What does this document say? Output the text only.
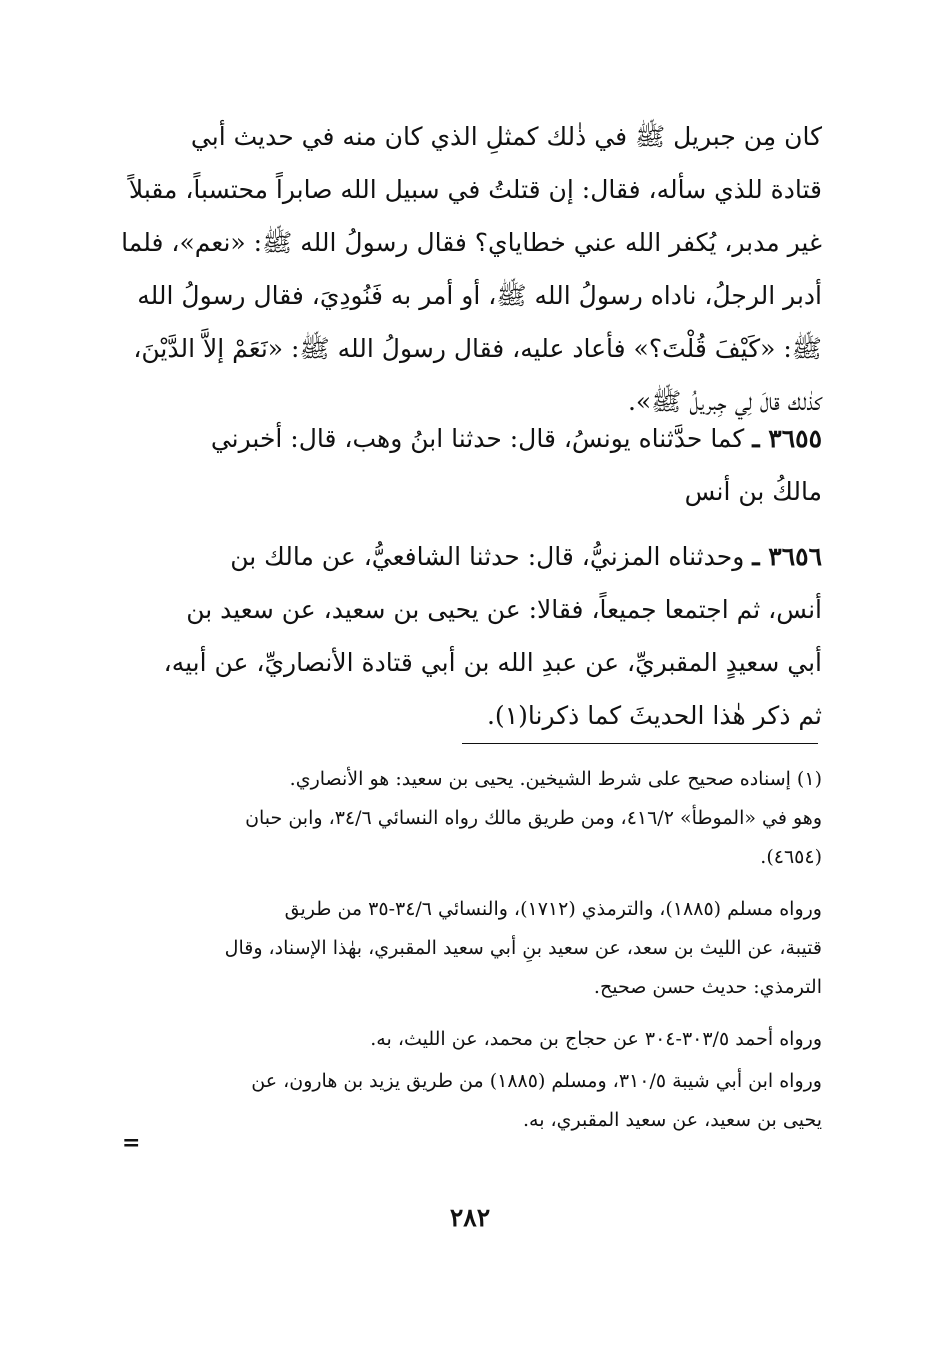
كان مِن جبريل ﷺ في ذٰلك كمثلِ الذي كان منه في حديث أبي
قتادة للذي سأله، فقال: إن قتلتُ في سبيل الله صابراً محتسباً، مقبلاً
غير مدبر، يُكفر الله عني خطاياي؟ فقال رسولُ الله ﷺ: «نعم»، فلما
أدبر الرجلُ، ناداه رسولُ الله ﷺ، أو أمر به فَنُودِيَ، فقال رسولُ الله
ﷺ: «كَيْفَ قُلْتَ؟» فأعاد عليه، فقال رسولُ الله ﷺ: «نَعَمْ إلاَّ الدَّيْنَ،
كذٰلك قالَ لِي جِبريلُ ﷺ».
٣٦٥٥ ـ كما حدَّثناه يونسُ، قال: حدثنا ابنُ وهب، قال: أخبرني
مالكُ بن أنس
٣٦٥٦ ـ وحدثناه المزنيُّ، قال: حدثنا الشافعيُّ، عن مالك بن
أنس، ثم اجتمعا جميعاً، فقالا: عن يحيى بن سعيد، عن سعيد بن
أبي سعيدٍ المقبريِّ، عن عبدِ الله بن أبي قتادة الأنصاريِّ، عن أبيه،
ثم ذكر هٰذا الحديثَ كما ذكرنا(١).
(١) إسناده صحيح على شرط الشيخين. يحيى بن سعيد: هو الأنصاري.
وهو في «الموطأ» ٤١٦/٢، ومن طريق مالك رواه النسائي ٣٤/٦، وابن حبان
(٤٦٥٤).
ورواه مسلم (١٨٨٥)، والترمذي (١٧١٢)، والنسائي ٣٤/٦-٣٥ من طريق
قتيبة، عن الليث بن سعد، عن سعيد بنِ أبي سعيد المقبري، بهٰذا الإسناد، وقال
الترمذي: حديث حسن صحيح.
ورواه أحمد ٣٠٣/٥-٣٠٤ عن حجاج بن محمد، عن الليث، به.
ورواه ابن أبي شيبة ٣١٠/٥، ومسلم (١٨٨٥) من طريق يزيد بن هارون، عن
يحيى بن سعيد، عن سعيد المقبري، به.
=
٢٨٢
